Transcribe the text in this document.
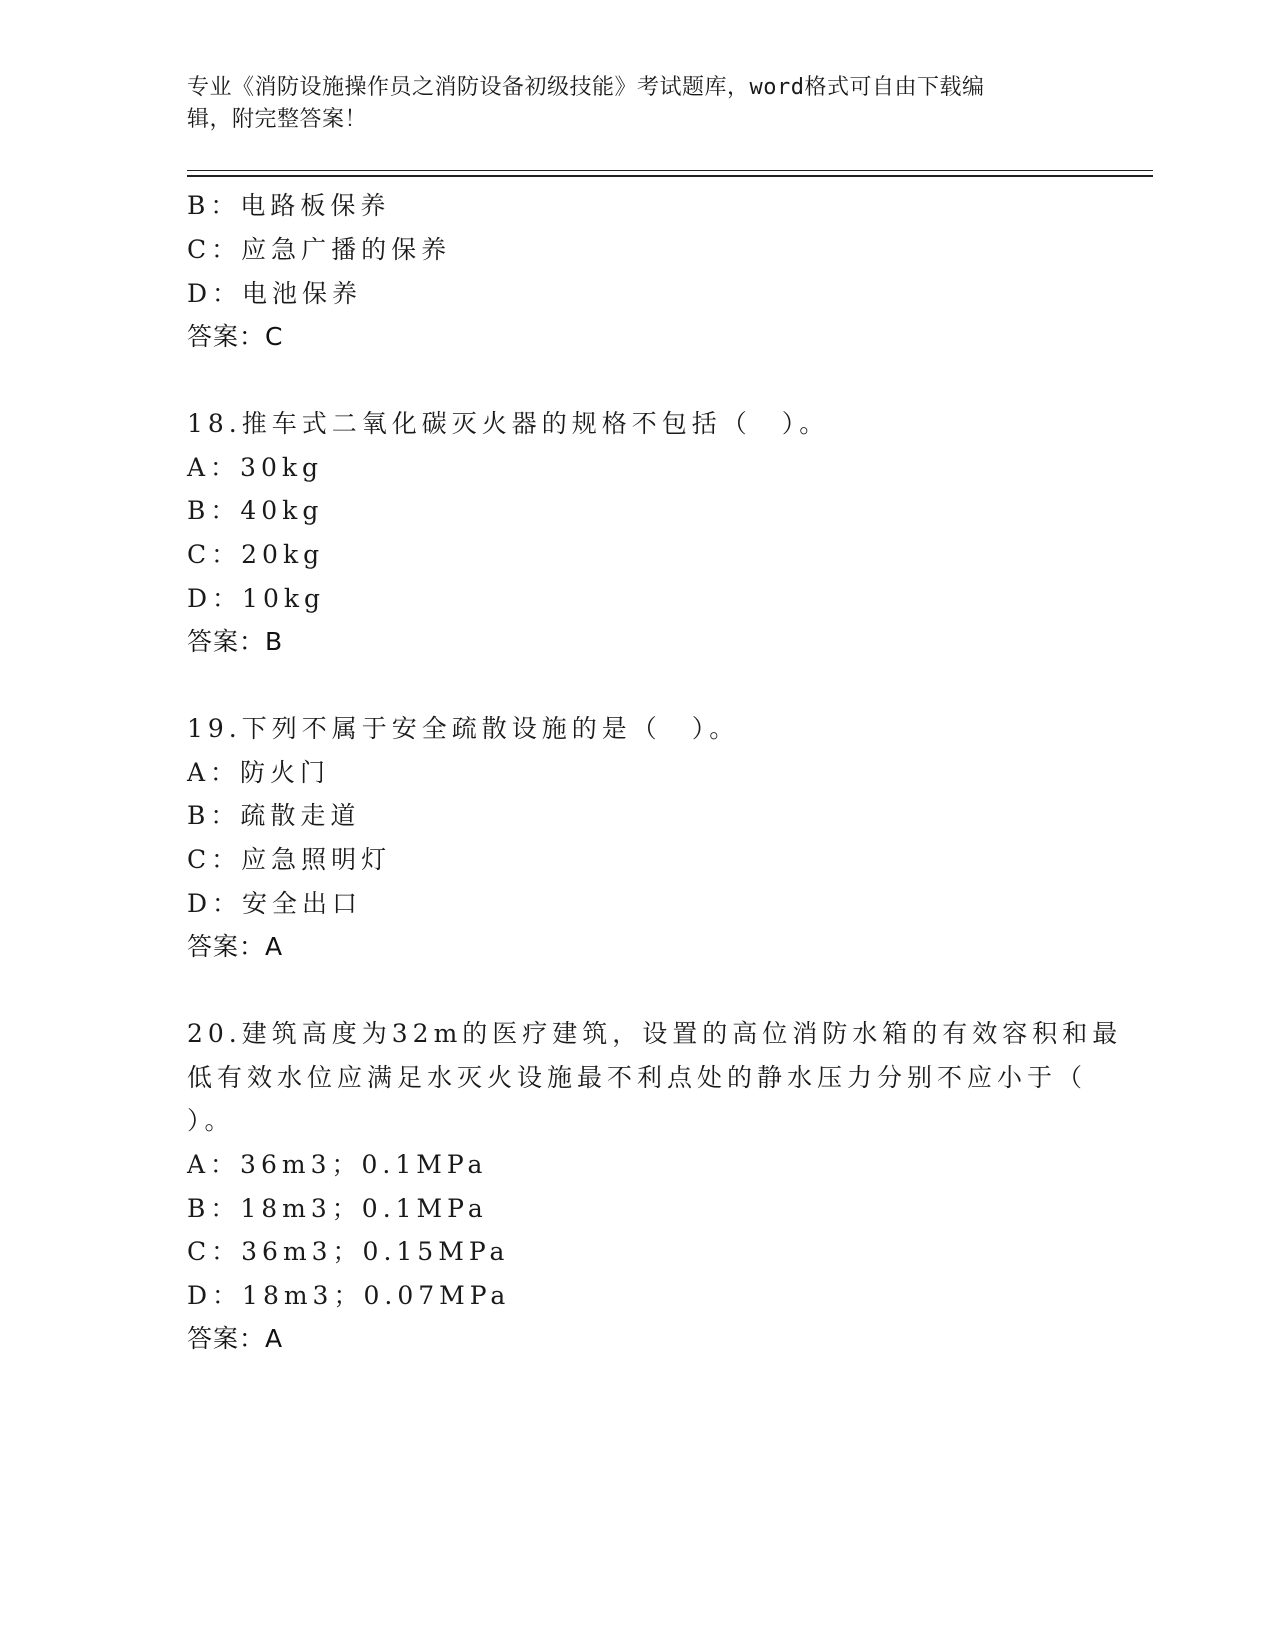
专业《消防设施操作员之消防设备初级技能》考试题库，word格式可自由下载编
辑，附完整答案！
B：电路板保养
C：应急广播的保养
D：电池保养
答案：C
18.推车式二氧化碳灭火器的规格不包括（　）。
A：30kg
B：40kg
C：20kg
D：10kg
答案：B
19.下列不属于安全疏散设施的是（　）。
A：防火门
B：疏散走道
C：应急照明灯
D：安全出口
答案：A
20.建筑高度为32m的医疗建筑，设置的高位消防水箱的有效容积和最
低有效水位应满足水灭火设施最不利点处的静水压力分别不应小于（
）。
A：36m3；0.1MPa
B：18m3；0.1MPa
C：36m3；0.15MPa
D：18m3；0.07MPa
答案：A
